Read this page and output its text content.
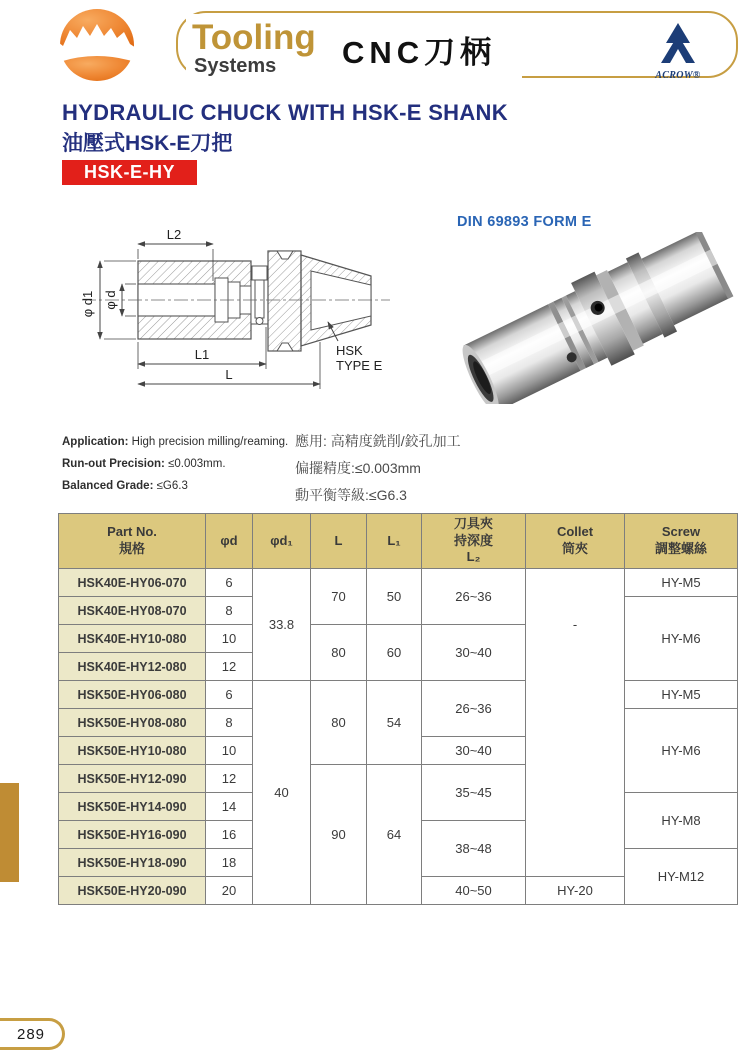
Tooling
Systems	CNC刀柄
ACROW®
HYDRAULIC CHUCK WITH HSK-E SHANK
油壓式HSK-E刀把
HSK-E-HY
DIN 69893 FORM E
L2
φ d1 φ d
L1
L
HSK
TYPE E
Application: High precision milling/reaming.
Run-out Precision: ≤0.003mm.
Balanced Grade: ≤G6.3
應用: 高精度銑削/鉸孔加工
偏擺精度:≤0.003mm
動平衡等級:≤G6.3
Part No.
規格

φd	φd₁	L	L₁

刀具夾
持深度
L₂

Collet
筒夾

Screw
調整螺絲

HSK40E-HY06-070	6	33.8	70	50	26~36	-	HY-M5
HSK40E-HY08-070	8						HY-M6
HSK40E-HY10-080	10		80	60	30~40		
HSK40E-HY12-080	12						
HSK50E-HY06-080	6	40	80	54	26~36		HY-M5
HSK50E-HY08-080	8						HY-M6
HSK50E-HY10-080	10				30~40		
HSK50E-HY12-090	12		90	64	35~45		
HSK50E-HY14-090	14						HY-M8
HSK50E-HY16-090	16				38~48		
HSK50E-HY18-090	18						HY-M12
HSK50E-HY20-090	20				40~50	HY-20	
289
